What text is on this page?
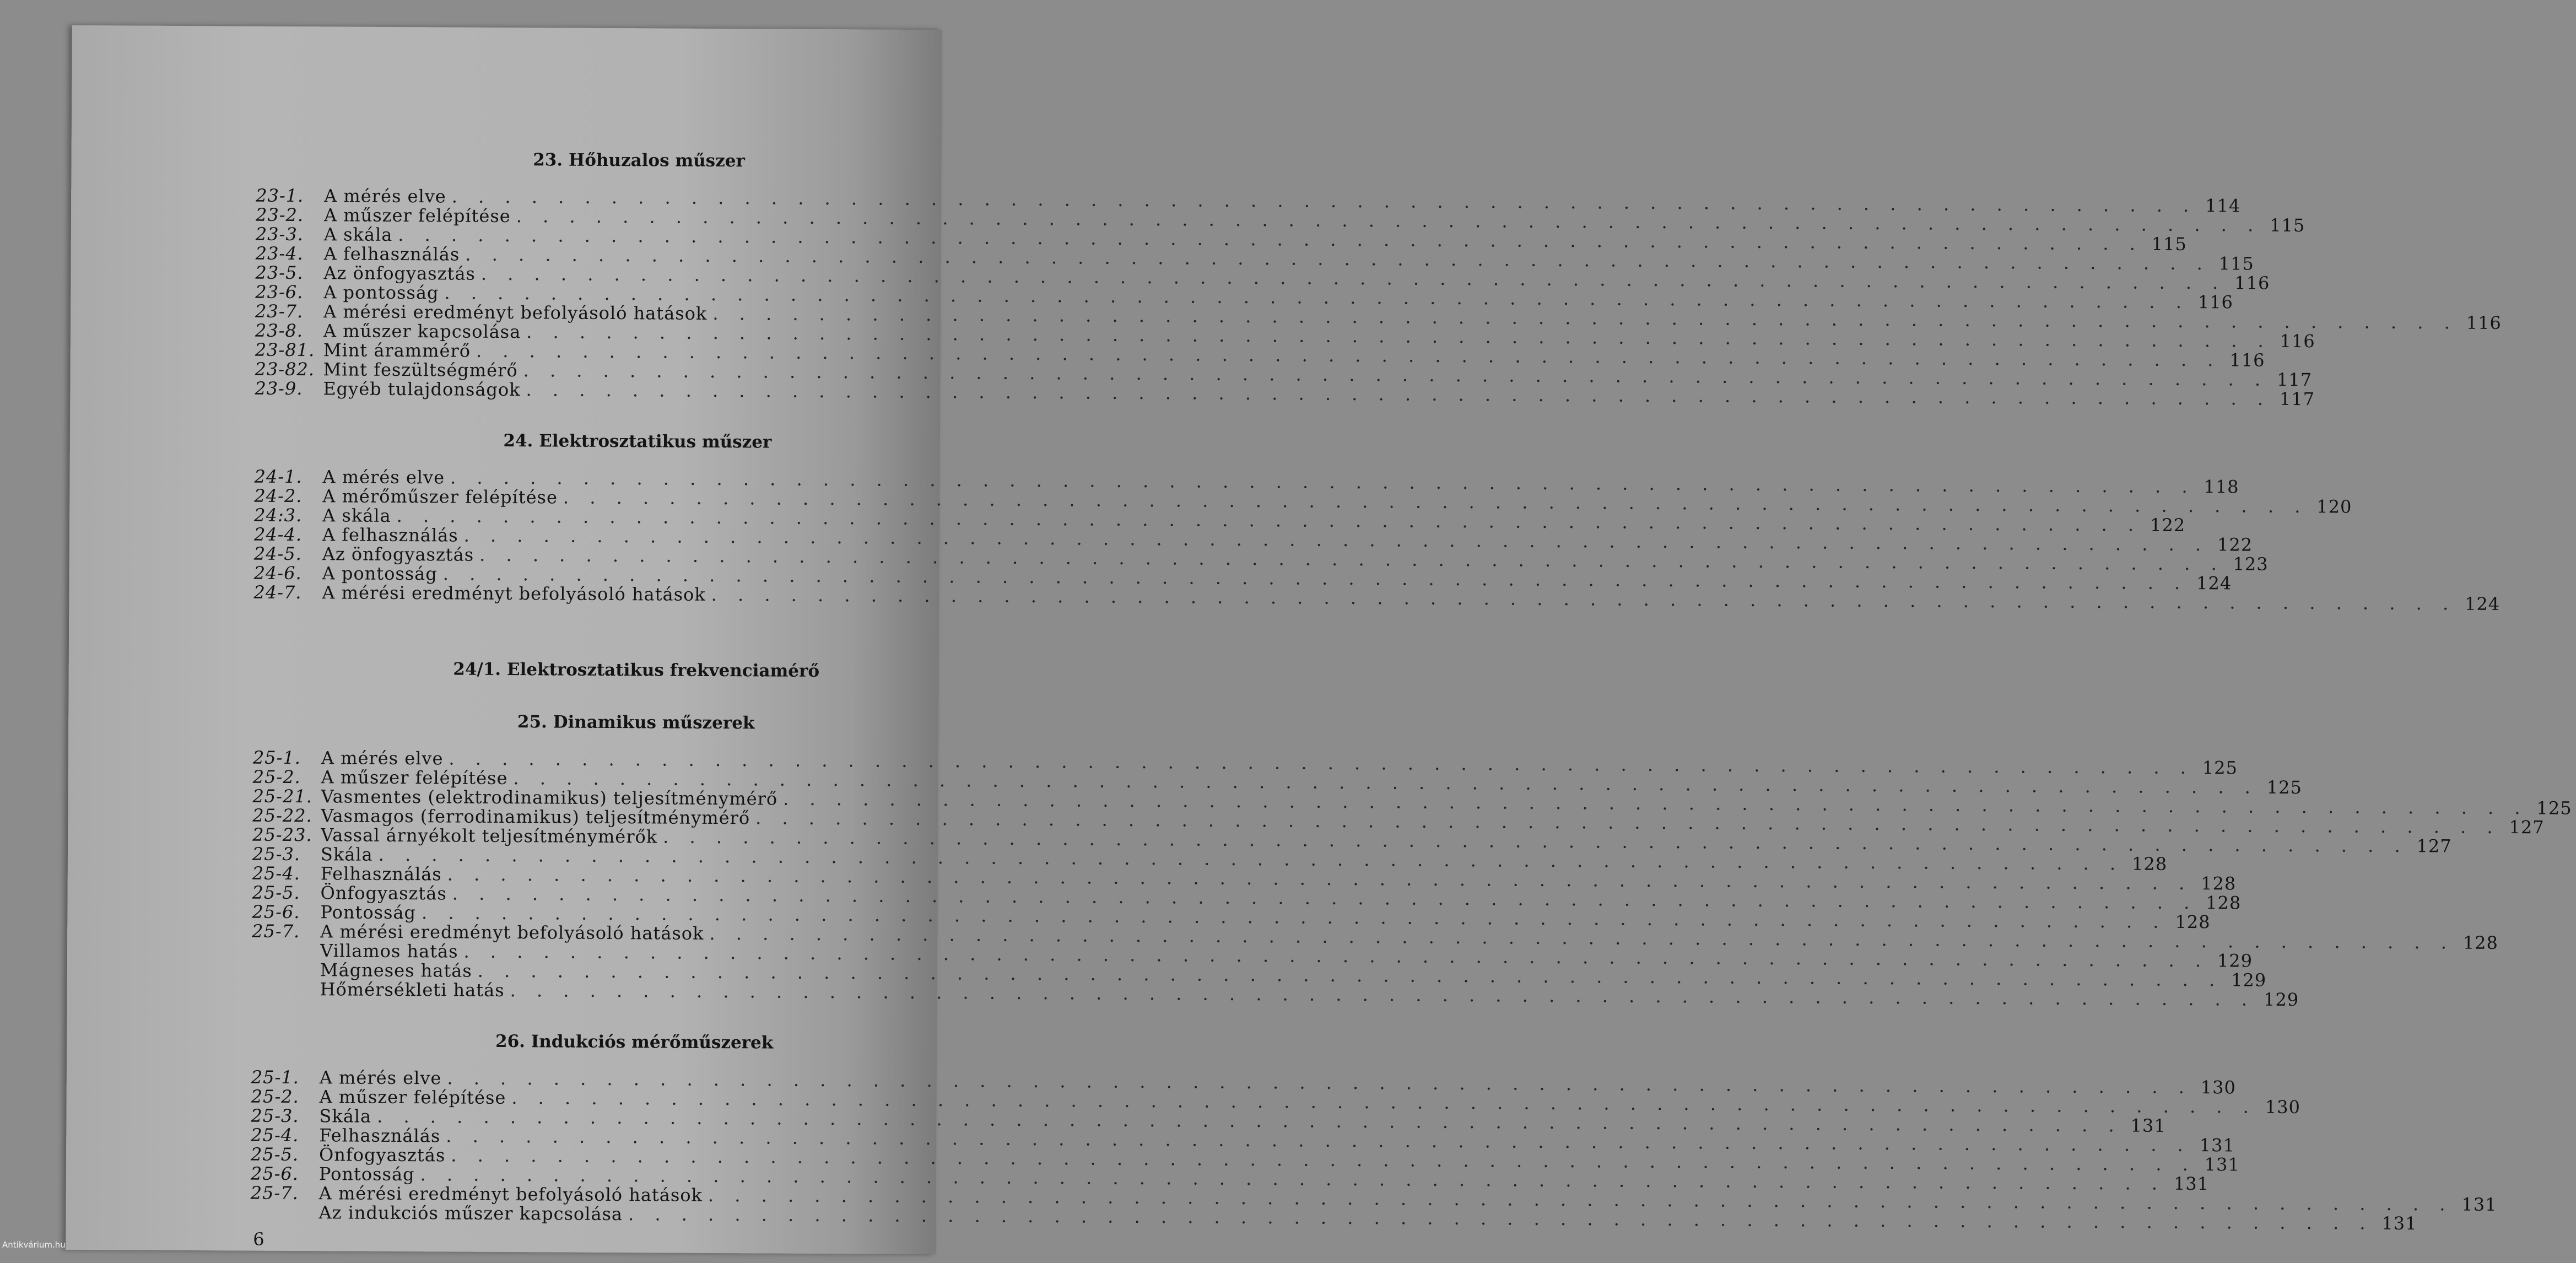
23. Hőhuzalos műszer
23-1.	A mérés elve . . .	114
23-2.	A műszer felépítése . . .	115
23-3.	A skála . . .	115
23-4.	A felhasználás . . .	115
23-5.	Az önfogyasztás . . .	116
23-6.	A pontosság . . .	116
23-7.	A mérési eredményt befolyásoló hatások . . .	116
23-8.	A műszer kapcsolása . . .	116
23-81. Mint árammérő . . .	116
23-82. Mint feszültségmérő . . .	117
23-9.	Egyéb tulajdonságok . . .	117
24. Elektrosztatikus műszer
24-1.	A mérés elve . . .	118
24-2.	A mérőműszer felépítése . . .	120
24:3.	A skála . . .	122
24-4.	A felhasználás . . .	122
24-5.	Az önfogyasztás . . .	123
24-6.	A pontosság . . .	124
24-7.	A mérési eredményt befolyásoló hatások . . .	124
24/1. Elektrosztatikus frekvenciamérő
25. Dinamikus műszerek
25-1.	A mérés elve . . .	125
25-2.	A műszer felépítése . . .	125
25-21. Vasmentes (elektrodinamikus) teljesítménymérő . . .	125
25-22. Vasmagos (ferrodinamikus) teljesítménymérő . . .	127
25-23. Vassal árnyékolt teljesítménymérők . . .	127
25-3.	Skála . . .	128
25-4.	Felhasználás . . .	128
25-5.	Önfogyasztás . . .	128
25-6.	Pontosság . . .	128
25-7.	A mérési eredményt befolyásoló hatások . . .	128
Villamos hatás . . .	129
Mágneses hatás . . .	129
Hőmérsékleti hatás . . .	129
26. Indukciós mérőműszerek
25-1.	A mérés elve . . .	130
25-2.	A műszer felépítése . . .	130
25-3.	Skála . . .	131
25-4.	Felhasználás . . .	131
25-5.	Önfogyasztás . . .	131
25-6.	Pontosság . . .	131
25-7.	A mérési eredményt befolyásoló hatások . . .	131
Az indukciós műszer kapcsolása . . .	131
6
Antikvárium.hu
